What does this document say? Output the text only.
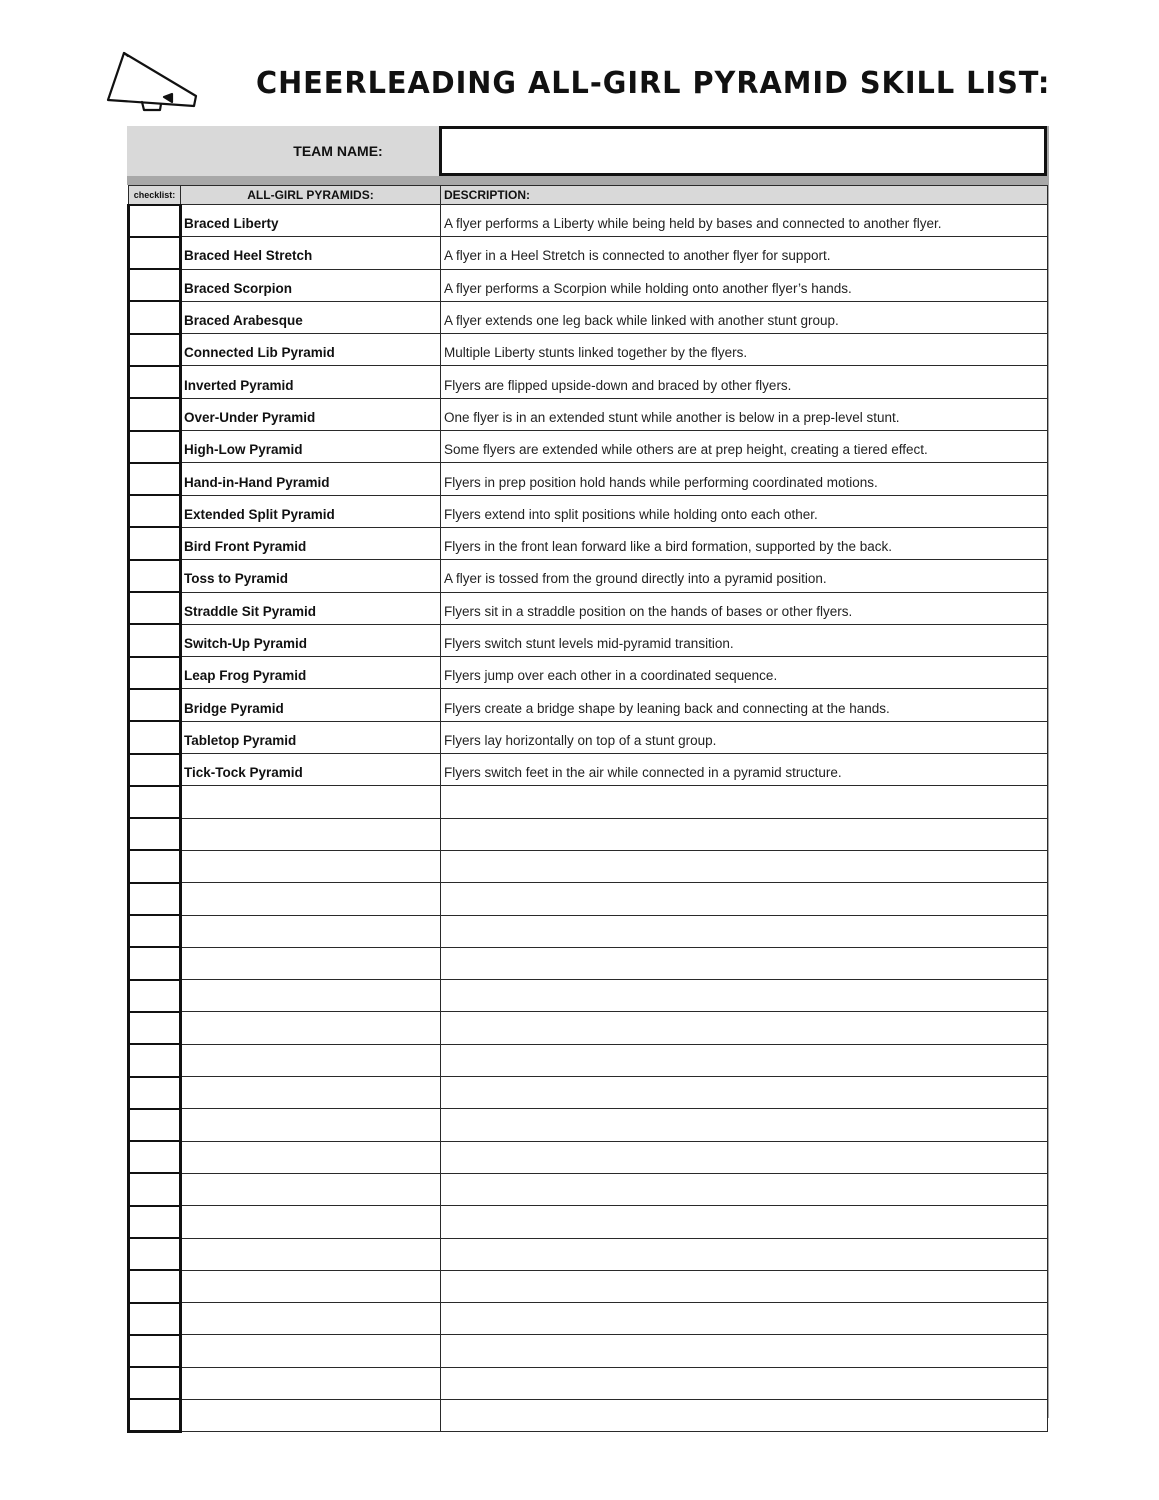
CHEERLEADING ALL-GIRL PYRAMID SKILL LIST:
TEAM NAME:
checklist:	ALL-GIRL PYRAMIDS:	DESCRIPTION:

	Braced Liberty	A flyer performs a Liberty while being held by bases and connected to another flyer.

	Braced Heel Stretch	A flyer in a Heel Stretch is connected to another flyer for support.

	Braced Scorpion	A flyer performs a Scorpion while holding onto another flyer’s hands.

	Braced Arabesque	A flyer extends one leg back while linked with another stunt group.

	Connected Lib Pyramid	Multiple Liberty stunts linked together by the flyers.

	Inverted Pyramid	Flyers are flipped upside-down and braced by other flyers.

	Over-Under Pyramid	One flyer is in an extended stunt while another is below in a prep-level stunt.

	High-Low Pyramid	Some flyers are extended while others are at prep height, creating a tiered effect.

	Hand-in-Hand Pyramid	Flyers in prep position hold hands while performing coordinated motions.

	Extended Split Pyramid	Flyers extend into split positions while holding onto each other.

	Bird Front Pyramid	Flyers in the front lean forward like a bird formation, supported by the back.

	Toss to Pyramid	A flyer is tossed from the ground directly into a pyramid position.

	Straddle Sit Pyramid	Flyers sit in a straddle position on the hands of bases or other flyers.

	Switch-Up Pyramid	Flyers switch stunt levels mid-pyramid transition.

	Leap Frog Pyramid	Flyers jump over each other in a coordinated sequence.

	Bridge Pyramid	Flyers create a bridge shape by leaning back and connecting at the hands.

	Tabletop Pyramid	Flyers lay horizontally on top of a stunt group.

	Tick-Tock Pyramid	Flyers switch feet in the air while connected in a pyramid structure.
